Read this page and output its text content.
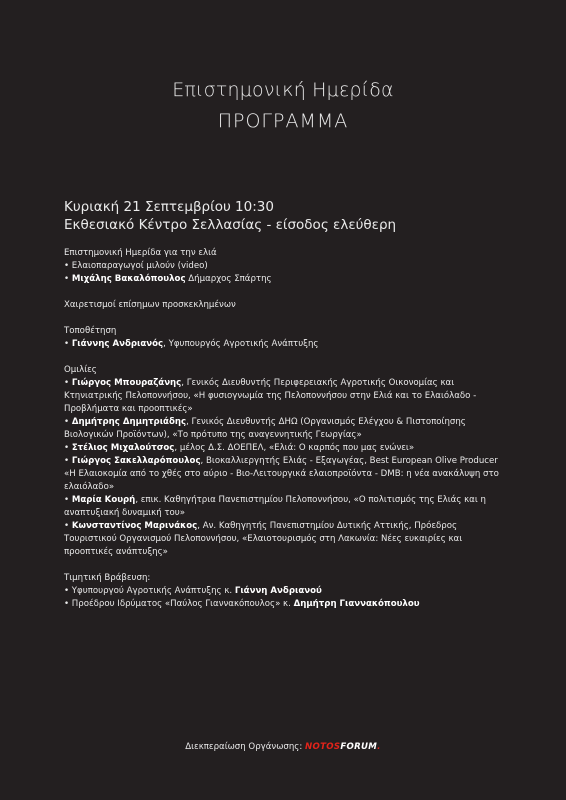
Επιστημονική Ημερίδα
ΠΡΟΓΡΑΜΜΑ
Κυριακή 21 Σεπτεμβρίου 10:30
Εκθεσιακό Κέντρο Σελλασίας - είσοδος ελεύθερη

Επιστημονική Ημερίδα για την ελιά

• Ελαιοπαραγωγοί μιλούν (video)

• Μιχάλης Βακαλόπουλος Δήμαρχος Σπάρτης

Χαιρετισμοί επίσημων προσκεκλημένων

Τοποθέτηση

• Γιάννης Ανδριανός, Υφυπουργός Αγροτικής Ανάπτυξης

Ομιλίες

• Γιώργος Μπουραζάνης, Γενικός Διευθυντής Περιφερειακής Αγροτικής Οικονομίας και Κτηνιατρικής Πελοποννήσου, «Η φυσιογνωμία της Πελοποννήσου στην Ελιά και το Ελαιόλαδο - Προβλήματα και προοπτικές»

• Δημήτρης Δημητριάδης, Γενικός Διευθυντής ΔΗΩ (Οργανισμός Ελέγχου & Πιστοποίησης Βιολογικών Προϊόντων), «Το πρότυπο της αναγεννητικής Γεωργίας»

• Στέλιος Μιχαλούτσος, μέλος Δ.Σ. ΔΟΕΠΕΛ, «Ελιά: Ο καρπός που μας ενώνει»

• Γιώργος Σακελλαρόπουλος, Βιοκαλλιεργητής Ελιάς - Εξαγωγέας, Best European Olive Producer «Η Ελαιοκομία από το χθές στο αύριο - Βιο-Λειτουργικά ελαιοπροϊόντα - DMB: η νέα ανακάλυψη στο ελαιόλαδο»

• Μαρία Κουρή, επικ. Καθηγήτρια Πανεπιστημίου Πελοποννήσου, «Ο πολιτισμός της Ελιάς και η αναπτυξιακή δυναμική του»

• Κωνσταντίνος Μαρινάκος, Αν. Καθηγητής Πανεπιστημίου Δυτικής Αττικής, Πρόεδρος Τουριστικού Οργανισμού Πελοποννήσου, «Ελαιοτουρισμός στη Λακωνία: Νέες ευκαιρίες και προοπτικές ανάπτυξης»

Τιμητική Βράβευση:

• Υφυπουργού Αγροτικής Ανάπτυξης κ. Γιάννη Ανδριανού

• Προέδρου Ιδρύματος «Παύλος Γιαννακόπουλος» κ. Δημήτρη Γιαννακόπουλου

Διεκπεραίωση Οργάνωσης: NOTOSFORUM.
